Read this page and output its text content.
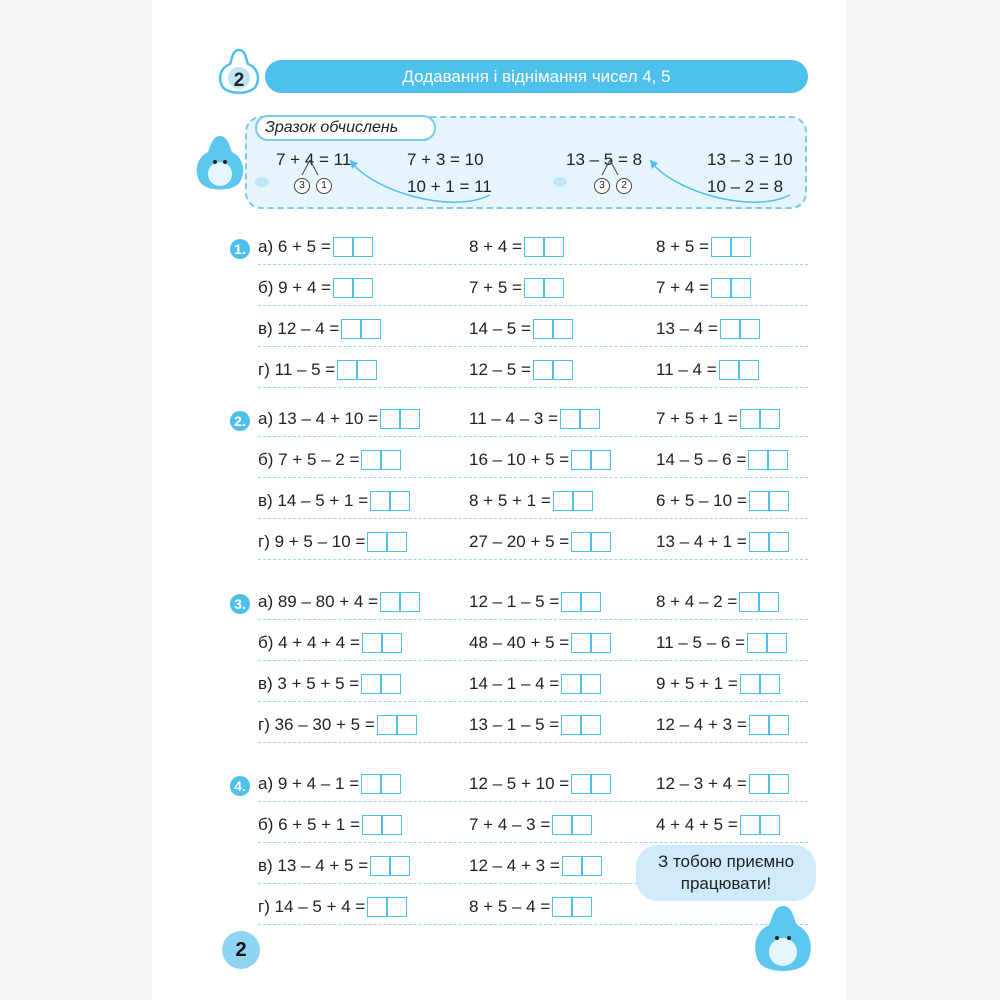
2	Додавання і віднімання чисел 4, 5
Зразок обчислень
7 + 4 = 11	7 + 3 = 10
10 + 1 = 11
3	1
13 – 5 = 8	13 – 3 = 10
10 – 2 = 8
3	2
1. а) 6 + 5 =	8 + 4 =	8 + 5 =
б) 9 + 4 =	7 + 5 =	7 + 4 =
в) 12 – 4 =	14 – 5 =	13 – 4 =
г) 11 – 5 =	12 – 5 =	11 – 4 =
2. а) 13 – 4 + 10 =	11 – 4 – 3 =	7 + 5 + 1 =
б) 7 + 5 – 2 =	16 – 10 + 5 =	14 – 5 – 6 =
в) 14 – 5 + 1 =	8 + 5 + 1 =	6 + 5 – 10 =
г) 9 + 5 – 10 =	27 – 20 + 5 =	13 – 4 + 1 =
3. а) 89 – 80 + 4 =	12 – 1 – 5 =	8 + 4 – 2 =
б) 4 + 4 + 4 =	48 – 40 + 5 =	11 – 5 – 6 =
в) 3 + 5 + 5 =	14 – 1 – 4 =	9 + 5 + 1 =
г) 36 – 30 + 5 =	13 – 1 – 5 =	12 – 4 + 3 =
4. а) 9 + 4 – 1 =	12 – 5 + 10 =	12 – 3 + 4 =
б) 6 + 5 + 1 =	7 + 4 – 3 =	4 + 4 + 5 =
в) 13 – 4 + 5 =	12 – 4 + 3 =
г) 14 – 5 + 4 =	8 + 5 – 4 =
З тобою приємно
працювати!
2
